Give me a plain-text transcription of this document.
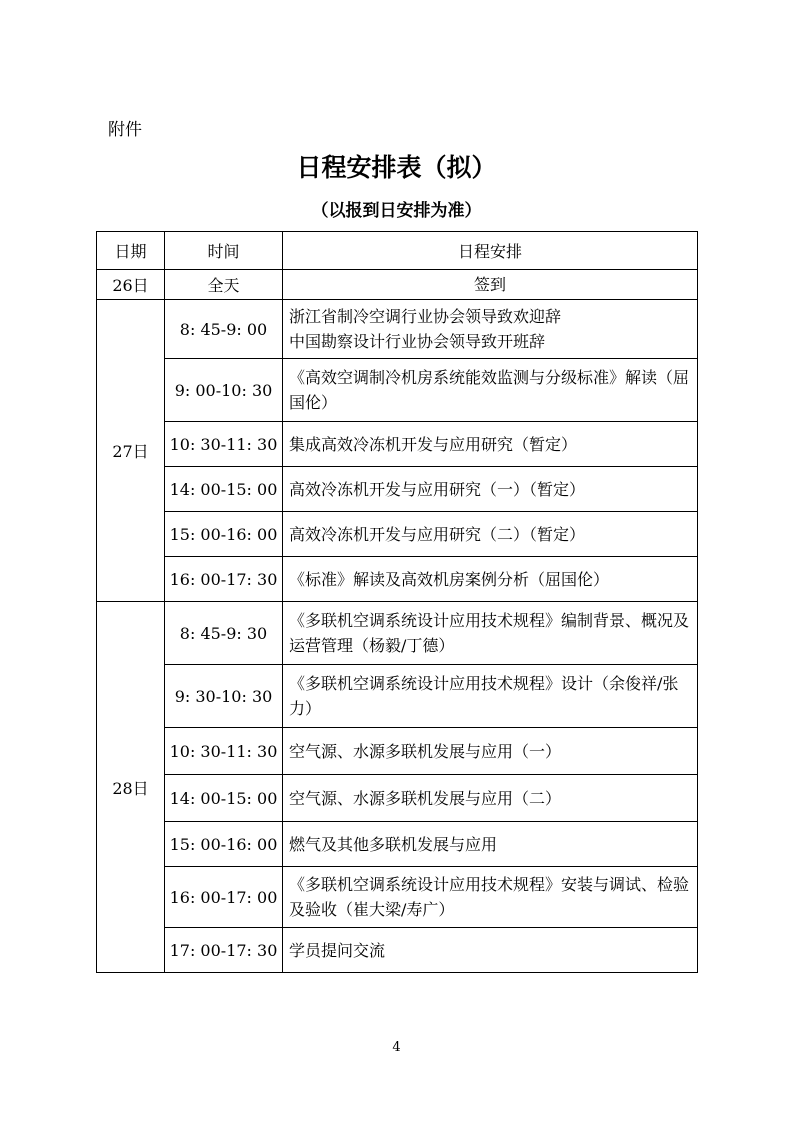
附件
日程安排表（拟）
（以报到日安排为准）
日期	时间	日程安排
26日	全天	签到
27日	8: 45-9: 00	浙江省制冷空调行业协会领导致欢迎辞
中国勘察设计行业协会领导致开班辞
	9: 00-10: 30	《高效空调制冷机房系统能效监测与分级标准》解读（屈国伦）
	10: 30-11: 30	集成高效冷冻机开发与应用研究（暂定）
	14: 00-15: 00	高效冷冻机开发与应用研究（一）（暂定）
	15: 00-16: 00	高效冷冻机开发与应用研究（二）（暂定）
	16: 00-17: 30	《标准》解读及高效机房案例分析（屈国伦）
28日	8: 45-9: 30	《多联机空调系统设计应用技术规程》编制背景、概况及运营管理（杨毅/丁德）
	9: 30-10: 30	《多联机空调系统设计应用技术规程》设计（余俊祥/张力）
	10: 30-11: 30	空气源、水源多联机发展与应用（一）
	14: 00-15: 00	空气源、水源多联机发展与应用（二）
	15: 00-16: 00	燃气及其他多联机发展与应用
	16: 00-17: 00	《多联机空调系统设计应用技术规程》安装与调试、检验及验收（崔大梁/寿广）
	17: 00-17: 30	学员提问交流
4
